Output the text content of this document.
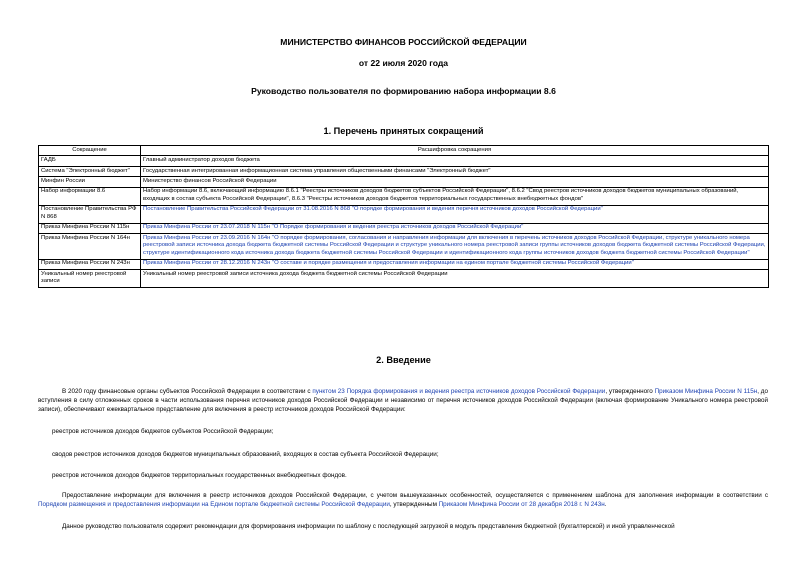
МИНИСТЕРСТВО ФИНАНСОВ РОССИЙСКОЙ ФЕДЕРАЦИИ
от 22 июля 2020 года
Руководство пользователя по формированию набора информации 8.6
1. Перечень принятых сокращений
Сокращение	Расшифровка сокращения
ГАДБ	Главный администратор доходов бюджета
Система "Электронный бюджет"	Государственная интегрированная информационная система управления общественными финансами "Электронный бюджет"
Минфин России	Министерство финансов Российской Федерации
Набор информации 8.6	Набор информации 8.6, включающий информацию 8.6.1 "Реестры источников доходов бюджетов субъектов Российской Федерации", 8.6.2 "Свод реестров источников доходов бюджетов муниципальных образований, входящих в состав субъекта Российской Федерации", 8.6.3 "Реестры источников доходов бюджетов территориальных государственных внебюджетных фондов"
Постановление Правительства РФ N 868	Постановление Правительства Российской Федерации от 31.08.2016 N 868 "О порядке формирования и ведения перечня источников доходов Российской Федерации"
Приказ Минфина России N 115н	Приказ Минфина России от 23.07.2018 N 115н "О Порядке формирования и ведения реестра источников доходов Российской Федерации"
Приказ Минфина России N 164н	Приказ Минфина России от 23.09.2016 N 164н "О порядке формирования, согласования и направления информации для включения в перечень источников доходов Российской Федерации, структуре уникального номера реестровой записи источника дохода бюджета бюджетной системы Российской Федерации и структуре уникального номера реестровой записи группы источников доходов бюджета бюджетной системы Российской Федерации, структуре идентификационного кода источника дохода бюджета бюджетной системы Российской Федерации и идентификационного кода группы источников доходов бюджета бюджетной системы Российской Федерации"
Приказ Минфина России N 243н	Приказ Минфина России от 28.12.2016 N 243н "О составе и порядке размещения и предоставления информации на едином портале бюджетной системы Российской Федерации"
Уникальный номер реестровой записи	Уникальный номер реестровой записи источника дохода бюджета бюджетной системы Российской Федерации
2. Введение
В 2020 году финансовые органы субъектов Российской Федерации в соответствии с пунктом 23 Порядка формирования и ведения реестра источников доходов Российской Федерации, утвержденного Приказом Минфина России N 115н, до вступления в силу отложенных сроков в части использования перечня источников доходов Российской Федерации и независимо от перечня источников доходов Российской Федерации (включая формирование Уникального номера реестровой записи), обеспечивают ежеквартальное представление для включения в реестр источников доходов Российской Федерации:
реестров источников доходов бюджетов субъектов Российской Федерации;
сводов реестров источников доходов бюджетов муниципальных образований, входящих в состав субъекта Российской Федерации;
реестров источников доходов бюджетов территориальных государственных внебюджетных фондов.
Предоставление информации для включения в реестр источников доходов Российской Федерации, с учетом вышеуказанных особенностей, осуществляется с применением шаблона для заполнения информации в соответствии с Порядком размещения и предоставления информации на Едином портале бюджетной системы Российской Федерации, утвержденным Приказом Минфина России от 28 декабря 2018 г. N 243н.
Данное руководство пользователя содержит рекомендации для формирования информации по шаблону с последующей загрузкой в модуль представления бюджетной (бухгалтерской) и иной управленческой
